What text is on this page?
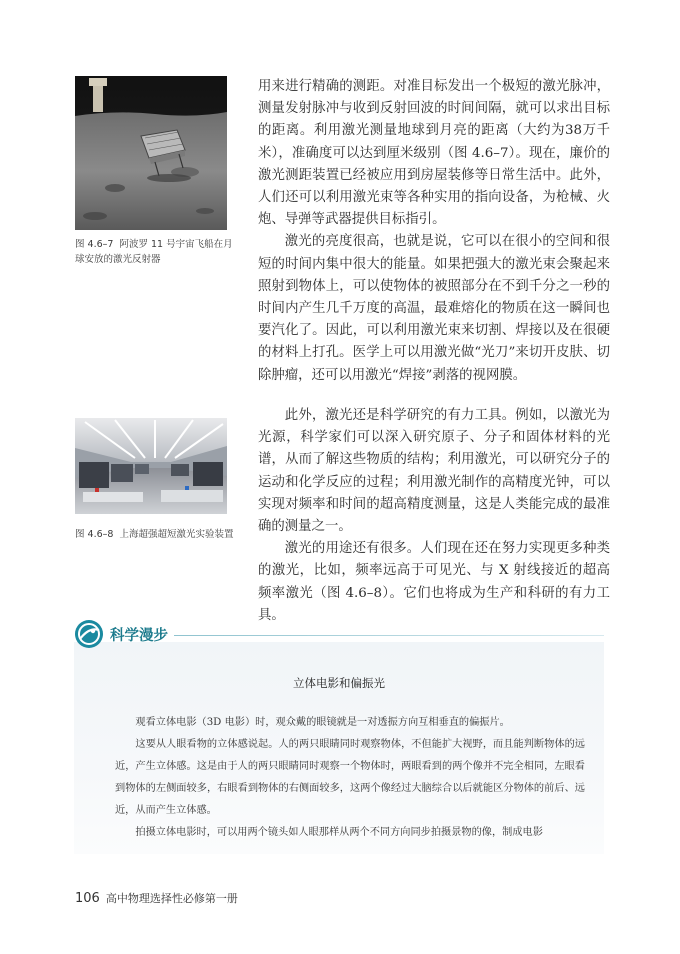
图 4.6–7 阿波罗 11 号宇宙飞船在月球安放的激光反射器
图 4.6–8 上海超强超短激光实验装置

用来进行精确的测距。对准目标发出一个极短的激光脉冲，测量发射脉冲与收到反射回波的时间间隔，就可以求出目标的距离。利用激光测量地球到月亮的距离（大约为38万千米），准确度可以达到厘米级别（图 4.6–7）。现在，廉价的激光测距装置已经被应用到房屋装修等日常生活中。此外，人们还可以利用激光束等各种实用的指向设备，为枪械、火炮、导弹等武器提供目标指引。

激光的亮度很高，也就是说，它可以在很小的空间和很短的时间内集中很大的能量。如果把强大的激光束会聚起来照射到物体上，可以使物体的被照部分在不到千分之一秒的时间内产生几千万度的高温，最难熔化的物质在这一瞬间也要汽化了。因此，可以利用激光束来切割、焊接以及在很硬的材料上打孔。医学上可以用激光做“光刀”来切开皮肤、切除肿瘤，还可以用激光“焊接”剥落的视网膜。

此外，激光还是科学研究的有力工具。例如，以激光为光源，科学家们可以深入研究原子、分子和固体材料的光谱，从而了解这些物质的结构；利用激光，可以研究分子的运动和化学反应的过程；利用激光制作的高精度光钟，可以实现对频率和时间的超高精度测量，这是人类能完成的最准确的测量之一。

激光的用途还有很多。人们现在还在努力实现更多种类的激光，比如，频率远高于可见光、与 X 射线接近的超高频率激光（图 4.6–8）。它们也将成为生产和科研的有力工具。

立体电影和偏振光

观看立体电影（3D 电影）时，观众戴的眼镜就是一对透振方向互相垂直的偏振片。

这要从人眼看物的立体感说起。人的两只眼睛同时观察物体，不但能扩大视野，而且能判断物体的远近，产生立体感。这是由于人的两只眼睛同时观察一个物体时，两眼看到的两个像并不完全相同，左眼看到物体的左侧面较多，右眼看到物体的右侧面较多，这两个像经过大脑综合以后就能区分物体的前后、远近，从而产生立体感。

拍摄立体电影时，可以用两个镜头如人眼那样从两个不同方向同步拍摄景物的像，制成电影

科学漫步
106 高中物理选择性必修第一册
